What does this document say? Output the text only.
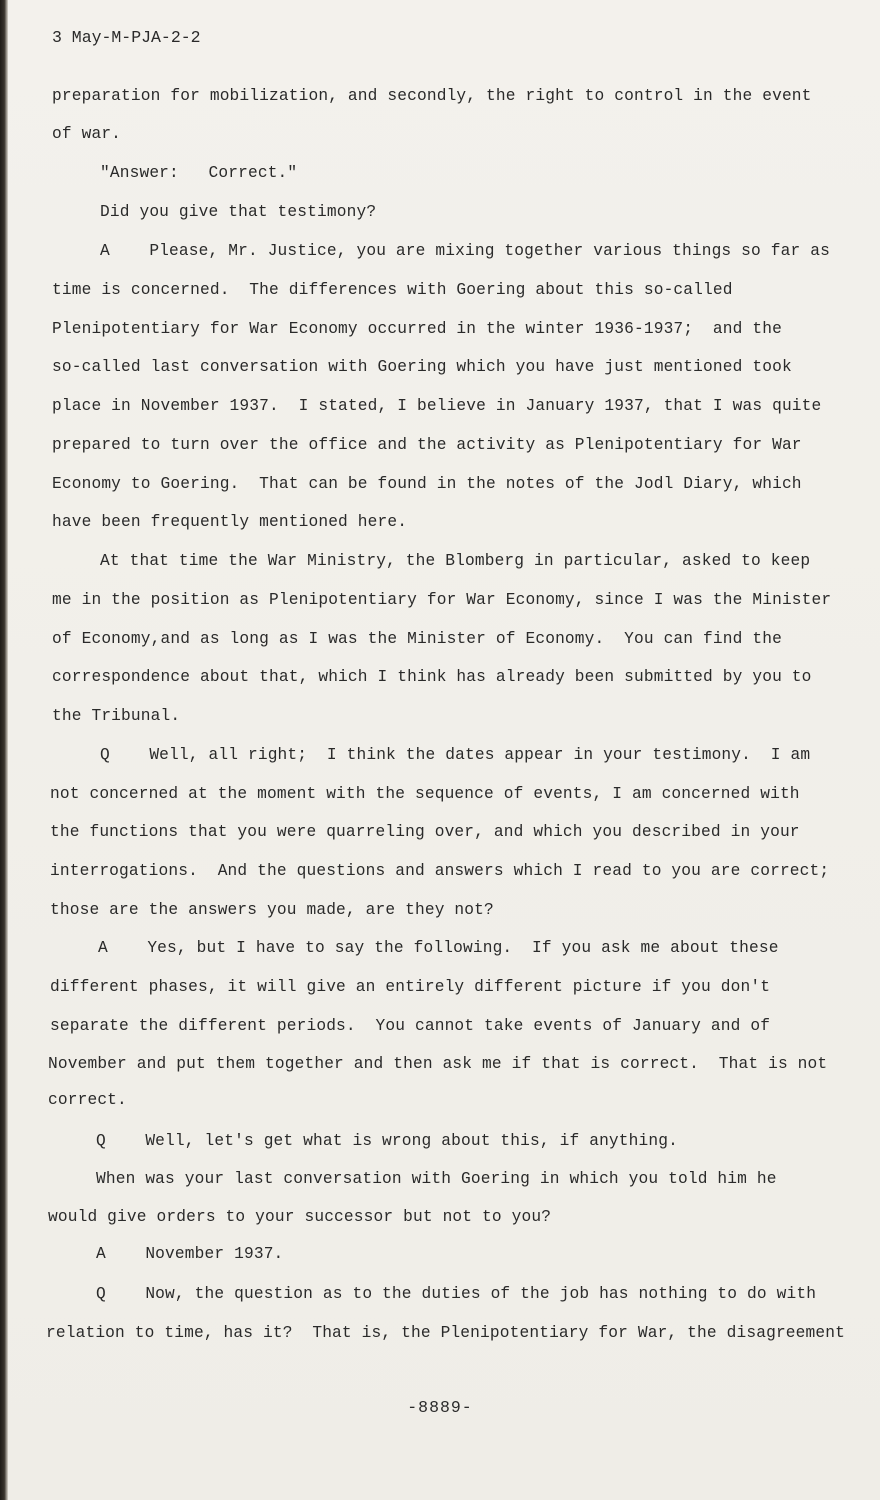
3 May-M-PJA-2-2
preparation for mobilization, and secondly, the right to control in the event
of war.
"Answer:   Correct."
Did you give that testimony?
A    Please, Mr. Justice, you are mixing together various things so far as
time is concerned.  The differences with Goering about this so-called
Plenipotentiary for War Economy occurred in the winter 1936-1937;  and the
so-called last conversation with Goering which you have just mentioned took
place in November 1937.  I stated, I believe in January 1937, that I was quite
prepared to turn over the office and the activity as Plenipotentiary for War
Economy to Goering.  That can be found in the notes of the Jodl Diary, which
have been frequently mentioned here.
At that time the War Ministry, the Blomberg in particular, asked to keep
me in the position as Plenipotentiary for War Economy, since I was the Minister
of Economy,and as long as I was the Minister of Economy.  You can find the
correspondence about that, which I think has already been submitted by you to
the Tribunal.
Q    Well, all right;  I think the dates appear in your testimony.  I am
not concerned at the moment with the sequence of events, I am concerned with
the functions that you were quarreling over, and which you described in your
interrogations.  And the questions and answers which I read to you are correct;
those are the answers you made, are they not?
A    Yes, but I have to say the following.  If you ask me about these
different phases, it will give an entirely different picture if you don't
separate the different periods.  You cannot take events of January and of
November and put them together and then ask me if that is correct.  That is not
correct.
Q    Well, let's get what is wrong about this, if anything.
When was your last conversation with Goering in which you told him he
would give orders to your successor but not to you?
A    November 1937.
Q    Now, the question as to the duties of the job has nothing to do with
relation to time, has it?  That is, the Plenipotentiary for War, the disagreement
-8889-
